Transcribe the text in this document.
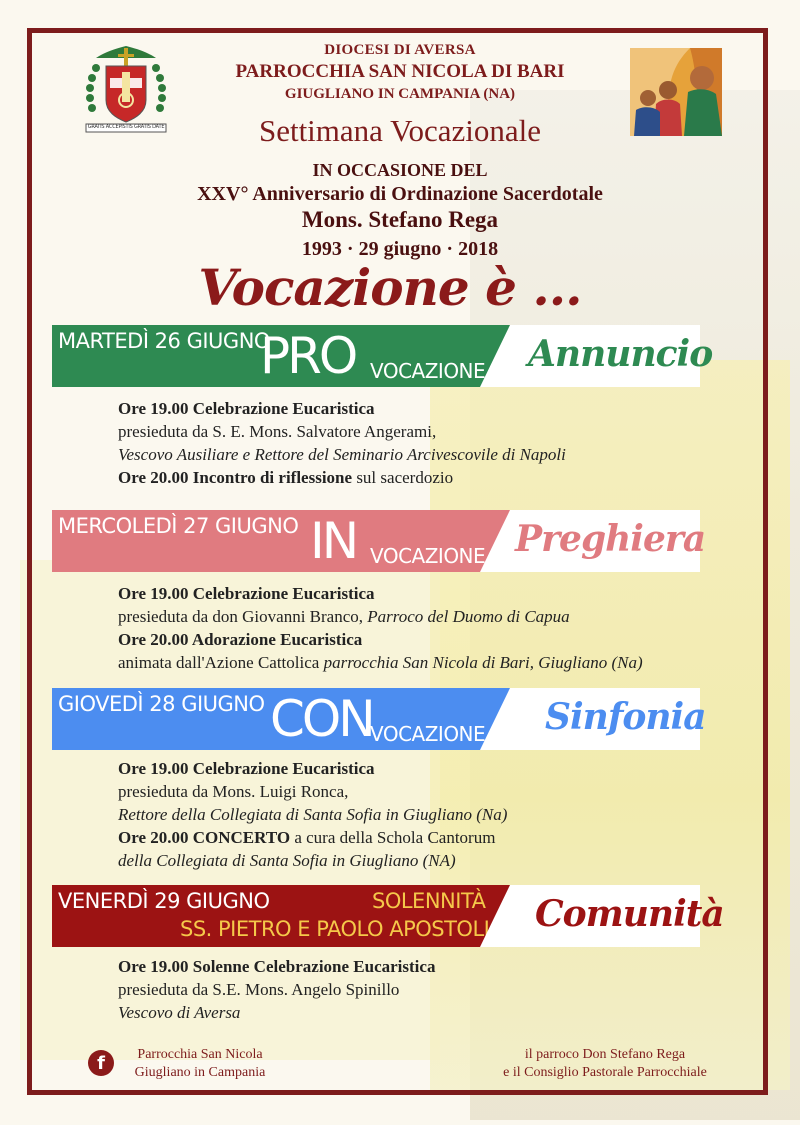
GRATIS ACCEPISTIS GRATIS DATE
DIOCESI DI AVERSA
PARROCCHIA SAN NICOLA DI BARI
GIUGLIANO IN CAMPANIA (NA)
Settimana Vocazionale
IN OCCASIONE DEL
XXV° Anniversario di Ordinazione Sacerdotale
Mons. Stefano Rega
1993 · 29 giugno · 2018
Vocazione è ...
MARTEDÌ 26 GIUGNO
PRO VOCAZIONE Annuncio

Ore 19.00 Celebrazione Eucaristica

presieduta da S. E. Mons. Salvatore Angerami,

Vescovo Ausiliare e Rettore del Seminario Arcivescovile di Napoli

Ore 20.00 Incontro di riflessione sul sacerdozio

MERCOLEDÌ 27 GIUGNO IN VOCAZIONE Preghiera

Ore 19.00 Celebrazione Eucaristica

presieduta da don Giovanni Branco, Parroco del Duomo di Capua

Ore 20.00 Adorazione Eucaristica

animata dall'Azione Cattolica parrocchia San Nicola di Bari, Giugliano (Na)

GIOVEDÌ 28 GIUGNO CON
VOCAZIONE Sinfonia

Ore 19.00 Celebrazione Eucaristica

presieduta da Mons. Luigi Ronca,

Rettore della Collegiata di Santa Sofia in Giugliano (Na)

Ore 20.00 CONCERTO a cura della Schola Cantorum

della Collegiata di Santa Sofia in Giugliano (NA)

VENERDÌ 29 GIUGNO	SOLENNITÀ
SS. PIETRO E PAOLO APOSTOLI Comunità

Ore 19.00 Solenne Celebrazione Eucaristica

presieduta da S.E. Mons. Angelo Spinillo

Vescovo di Aversa

f	Parrocchia San Nicola
Giugliano in Campania
il parroco Don Stefano Rega
e il Consiglio Pastorale Parrocchiale
